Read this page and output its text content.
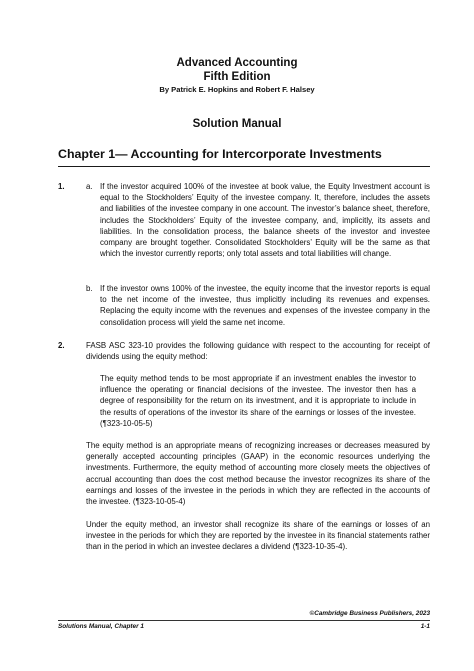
Advanced Accounting
Fifth Edition
By Patrick E. Hopkins and Robert F. Halsey
Solution Manual
Chapter 1— Accounting for Intercorporate Investments
1.	a. If the investor acquired 100% of the investee at book value, the Equity Investment account is equal to the Stockholders’ Equity of the investee company. It, therefore, includes the assets and liabilities of the investee company in one account. The investor’s balance sheet, therefore, includes the Stockholders’ Equity of the investee company, and, implicitly, its assets and liabilities. In the consolidation process, the balance sheets of the investor and investee company are brought together. Consolidated Stockholders’ Equity will be the same as that which the investor currently reports; only total assets and total liabilities will change.
b. If the investor owns 100% of the investee, the equity income that the investor reports is equal to the net income of the investee, thus implicitly including its revenues and expenses. Replacing the equity income with the revenues and expenses of the investee company in the consolidation process will yield the same net income.
2.	FASB ASC 323-10 provides the following guidance with respect to the accounting for receipt of dividends using the equity method:
The equity method tends to be most appropriate if an investment enables the investor to influence the operating or financial decisions of the investee. The investor then has a degree of responsibility for the return on its investment, and it is appropriate to include in the results of operations of the investor its share of the earnings or losses of the investee. (¶323-10-05-5)
The equity method is an appropriate means of recognizing increases or decreases measured by generally accepted accounting principles (GAAP) in the economic resources underlying the investments. Furthermore, the equity method of accounting more closely meets the objectives of accrual accounting than does the cost method because the investor recognizes its share of the earnings and losses of the investee in the periods in which they are reflected in the accounts of the investee. (¶323-10-05-4)
Under the equity method, an investor shall recognize its share of the earnings or losses of an investee in the periods for which they are reported by the investee in its financial statements rather than in the period in which an investee declares a dividend (¶323-10-35-4).
©Cambridge Business Publishers, 2023
Solutions Manual, Chapter 1	1-1
